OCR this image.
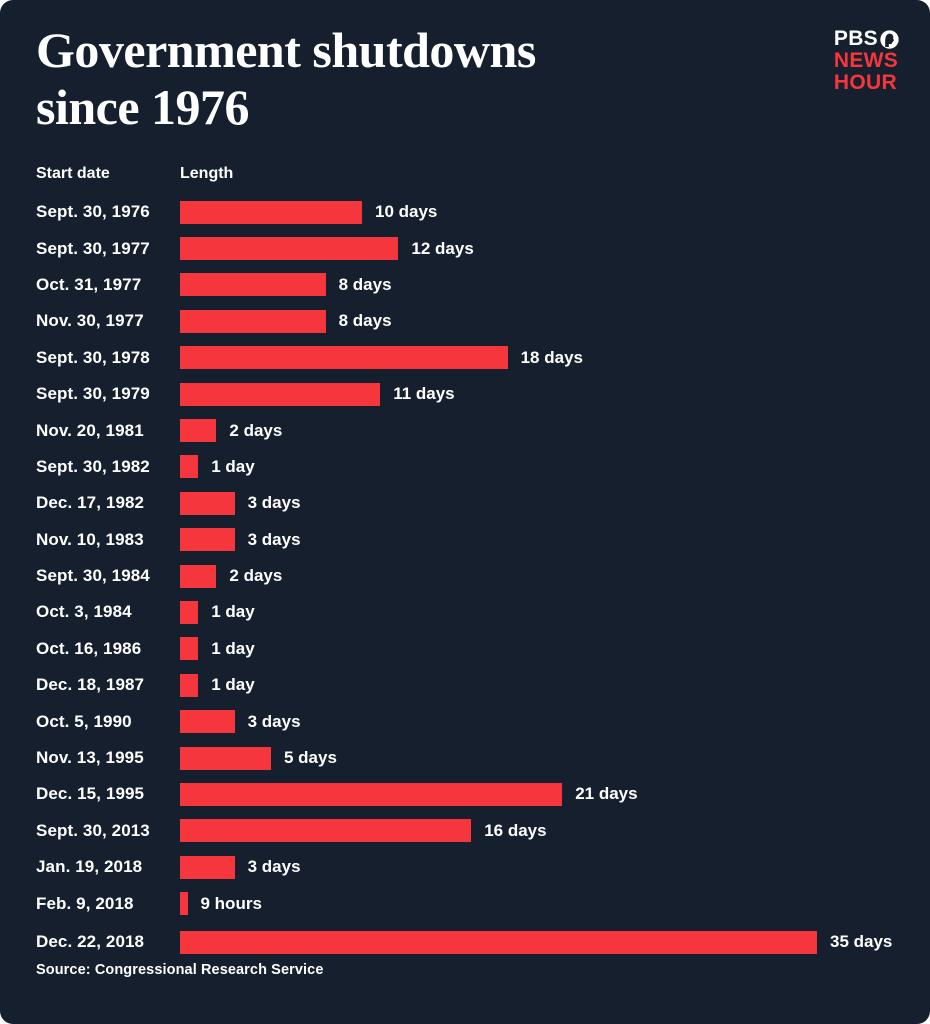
Government shutdowns
since 1976
PBS
NEWS
HOUR
Start date	Length
Sept. 30, 1976	10 days
Sept. 30, 1977	12 days
Oct. 31, 1977	8 days
Nov. 30, 1977	8 days
Sept. 30, 1978	18 days
Sept. 30, 1979	11 days
Nov. 20, 1981	2 days
Sept. 30, 1982	1 day
Dec. 17, 1982	3 days
Nov. 10, 1983	3 days
Sept. 30, 1984	2 days
Oct. 3, 1984	1 day
Oct. 16, 1986	1 day
Dec. 18, 1987	1 day
Oct. 5, 1990	3 days
Nov. 13, 1995	5 days
Dec. 15, 1995	21 days
Sept. 30, 2013	16 days
Jan. 19, 2018	3 days
Feb. 9, 2018	9 hours
Dec. 22, 2018	35 days
Source: Congressional Research Service
